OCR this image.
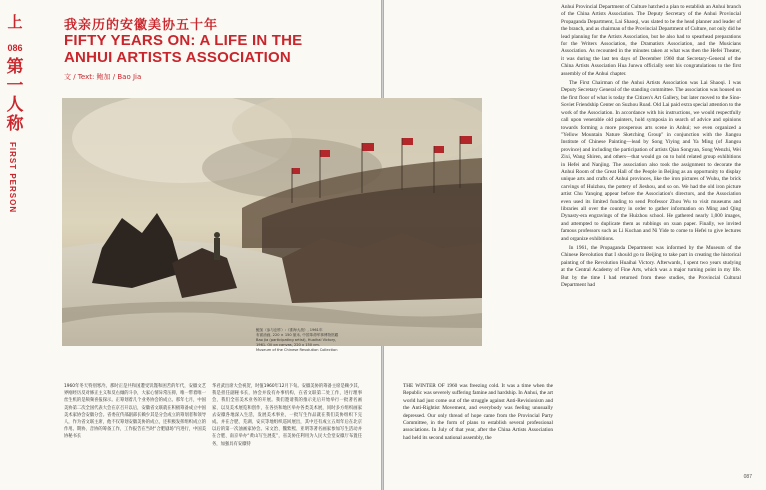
上
086
第
一
人
称
FIRST PERSON
我亲历的安徽美协五十年
FIFTY YEARS ON: A LIFE IN THE ANHUI ARTISTS ASSOCIATION
文 / Text: 鲍加 / Bao Jia

1960年冬天特别寒冷。那时正是共和国遭受饥馑和困苦的年代，安徽文艺界刚经历反对修正主义和反右倾的斗争，大家心情异常压抑，唯一带着唯一丝生机的是频频喜报探示。正筹划着几个业务协会的成立。那年七月，中国美协第二次全国代表大会在京召开以后，安徽省文联就在积极筹备成立中国美术家协会安徽分会。省委宣传部副部长赖少其是分会成立的筹划者和领导人，作为省文联主席，他不仅筹划安徽美协的成立，还积极发挥组织成立的作用。期协、音协的筹备工作，工作报告在当时“合肥剧场”内进行，中国美协秘书长

华君武出席大会祝贺，时值1960年12月下旬。安徽美协的筹备主席是赖少其，我是担任副秘书长，协会并没有办事机构，在省文联第二处工作，进行理事会，我们全省美术业务的开展。我们邀请我的推示先后开始举行一批著名画家、以及美术展览和创作，在各县和地区举办各类美术展，同时多方组织画家去安徽各地深入生活，发展美术事业，一批写生作品就在我们美协组织下完成。并在合肥、芜湖、安庆等地组织巡回展出，其中还有成立五周年后在北京以后的第一次油画家协会。宋文治、魏紫熙、亚明等著名画家参加写生活动并在合肥、南京举办“黄山写生展览”，省美协任利用为人民大会堂安徽厅布置任务，加强具有安徽特

THE WINTER OF 1960 was freezing cold. It was a time when the Republic was severely suffering famine and hardship. In Anhui, the art world had just come out of the struggle against Anti-Revisionism and the Anti-Rightist Movement, and everybody was feeling unusually depressed. Our only thread of hope came from the Provincial Party Committee, in the form of plans to establish several professional associations. In July of that year, after the China Artists Association had held its second national assembly, the

Anhui Provincial Department of Culture hatched a plan to establish an Anhui branch of the China Artists Association. The Deputy Secretary of the Anhui Provincial Propaganda Department, Lai Shaoqi, was slated to be the head planner and leader of the branch, and as chairman of the Provincial Department of Culture, not only did he lead planning for the Artists Association, but he also had to spearhead preparations for the Writers Association, the Dramatists Association, and the Musicians Association. As recounted in the minutes taken at what was then the Hefei Theater, it was during the last ten days of December 1960 that Secretary-General of the China Artists Association Hua Junwu officially sent his congratulations to the first assembly of the Anhui chapter.

The First Chairman of the Anhui Artists Association was Lai Shaoqi. I was Deputy Secretary General of the standing committee. The association was housed on the first floor of what is today the Citizen's Art Gallery, but later moved to the Sino-Soviet Friendship Center on Suzhou Road. Old Lai paid extra special attention to the work of the Association. In accordance with his instructions, we would respectfully call upon venerable old painters, hold symposia in search of advice and opinions towards forming a more prosperous arts scene in Anhui; we even organized a "Yellow Mountain Nature Sketching Group" in conjunction with the Jiangsu Institute of Chinese Painting—lead by Song Yiying and Ya Ming (of Jiangsu province) and including the participation of artists Qian Songyan, Song Wenzhi, Wei Zixi, Wang Shiren, and others—that would go on to hold related group exhibitions in Hefei and Nanjing. The association also took the assignment to decorate the Anhui Room of the Great Hall of the People in Beijing as an opportunity to display unique arts and crafts of Anhui provinces, like the iron pictures of Wuhu, the brick carvings of Huizhou, the pottery of Jieshou, and so on. We had the old iron picture artist Chu Yanqing appear before the Association's directors, and the Association even used its limited funding to send Professor Zhou Wu to visit museums and libraries all over the country in order to gather information on Ming and Qing Dynasty-era engravings of the Huizhou school. He gathered nearly 1,000 images, and attempted to duplicate them as rubbings on xuan paper. Finally, we invited famous professors such as Li Kuchan and Ni Yide to come to Hefei to give lectures and organize exhibitions.

In 1961, the Propaganda Department was informed by the Museum of the Chinese Revolution that I should go to Beijing to take part in creating the historical painting of the Revolution Huaihai Victory. Afterwards, I spent two years studying at the Central Academy of Fine Arts, which was a major turning point in my life. But by the time I had returned from these studies, the Provincial Cultural Department had

087
鲍加（参与创作）:《淮海大战》, 1961年
布面油画, 220 × 150 厘米, 中国革命军事博物馆藏
Bao Jia (participating artist), Huaihai Victory,
1961. Oil on canvas, 220 x 150 cm.
Museum of the Chinese Revolution Collection
